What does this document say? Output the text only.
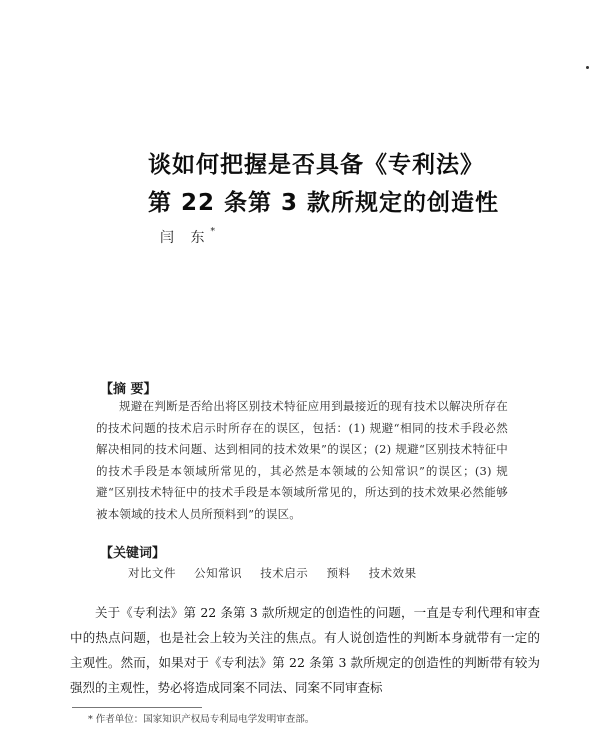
谈如何把握是否具备《专利法》
第 22 条第 3 款所规定的创造性
闫 东*
【摘 要】
规避在判断是否给出将区别技术特征应用到最接近的现有技术以解决所存在的技术问题的技术启示时所存在的误区，包括：(1) 规避“相同的技术手段必然解决相同的技术问题、达到相同的技术效果”的误区；(2) 规避“区别技术特征中的技术手段是本领域所常见的，其必然是本领域的公知常识”的误区；(3) 规避“区别技术特征中的技术手段是本领域所常见的，所达到的技术效果必然能够被本领域的技术人员所预料到”的误区。
【关键词】
对比文件 公知常识 技术启示 预料 技术效果
关于《专利法》第 22 条第 3 款所规定的创造性的问题，一直是专利代理和审查中的热点问题，也是社会上较为关注的焦点。有人说创造性的判断本身就带有一定的主观性。然而，如果对于《专利法》第 22 条第 3 款所规定的创造性的判断带有较为强烈的主观性，势必将造成同案不同法、同案不同审查标
* 作者单位：国家知识产权局专利局电学发明审查部。
